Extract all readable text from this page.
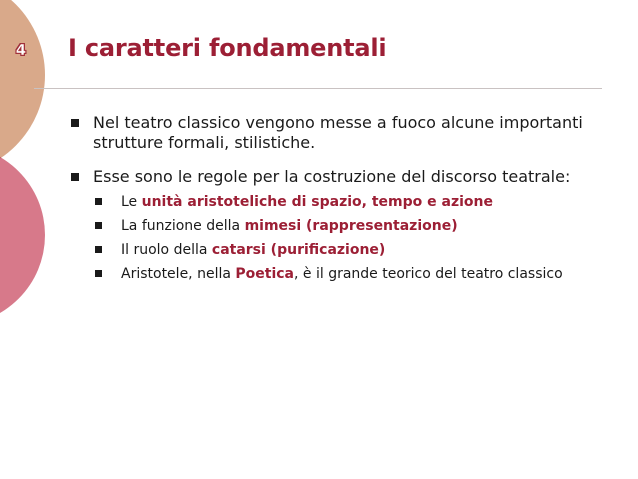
4	I caratteri fondamentali
Nel teatro classico vengono messe a fuoco alcune importanti strutture formali, stilistiche.
Esse sono le regole per la costruzione del discorso teatrale:
Le unità aristoteliche di spazio, tempo e azione
La funzione della mimesi (rappresentazione)
Il ruolo della catarsi (purificazione)
Aristotele, nella Poetica, è il grande teorico del teatro classico
